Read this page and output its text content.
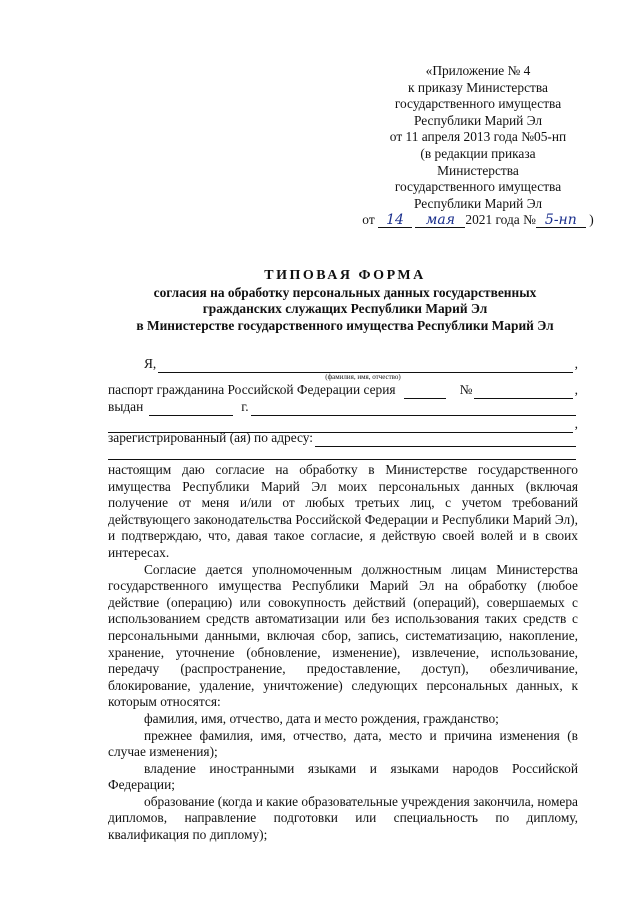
«Приложение № 4
к приказу Министерства
государственного имущества
Республики Марий Эл
от 11 апреля 2013 года №05-нп
(в редакции приказа
Министерства
государственного имущества
Республики Марий Эл
от 14 мая 2021 года № 5-нп )
ТИПОВАЯ ФОРМА
согласия на обработку персональных данных государственных
гражданских служащих Республики Марий Эл
в Министерстве государственного имущества Республики Марий Эл
Я,	,
(фамилия, имя, отчество)
паспорт гражданина Российской Федерации серия	№	,
выдан	г.
,
зарегистрированный (ая) по адресу:

настоящим даю согласие на обработку в Министерстве государственного имущества Республики Марий Эл моих персональных данных (включая получение от меня и/или от любых третьих лиц, с учетом требований действующего законодательства Российской Федерации и Республики Марий Эл), и подтверждаю, что, давая такое согласие, я действую своей волей и в своих интересах.

Согласие дается уполномоченным должностным лицам Министерства государственного имущества Республики Марий Эл на обработку (любое действие (операцию) или совокупность действий (операций), совершаемых с использованием средств автоматизации или без использования таких средств с персональными данными, включая сбор, запись, систематизацию, накопление, хранение, уточнение (обновление, изменение), извлечение, использование, передачу (распространение, предоставление, доступ), обезличивание, блокирование, удаление, уничтожение) следующих персональных данных, к которым относятся:

фамилия, имя, отчество, дата и место рождения, гражданство;

прежнее фамилия, имя, отчество, дата, место и причина изменения (в случае изменения);

владение иностранными языками и языками народов Российской Федерации;

образование (когда и какие образовательные учреждения закончила, номера дипломов, направление подготовки или специальность по диплому, квалификация по диплому);
